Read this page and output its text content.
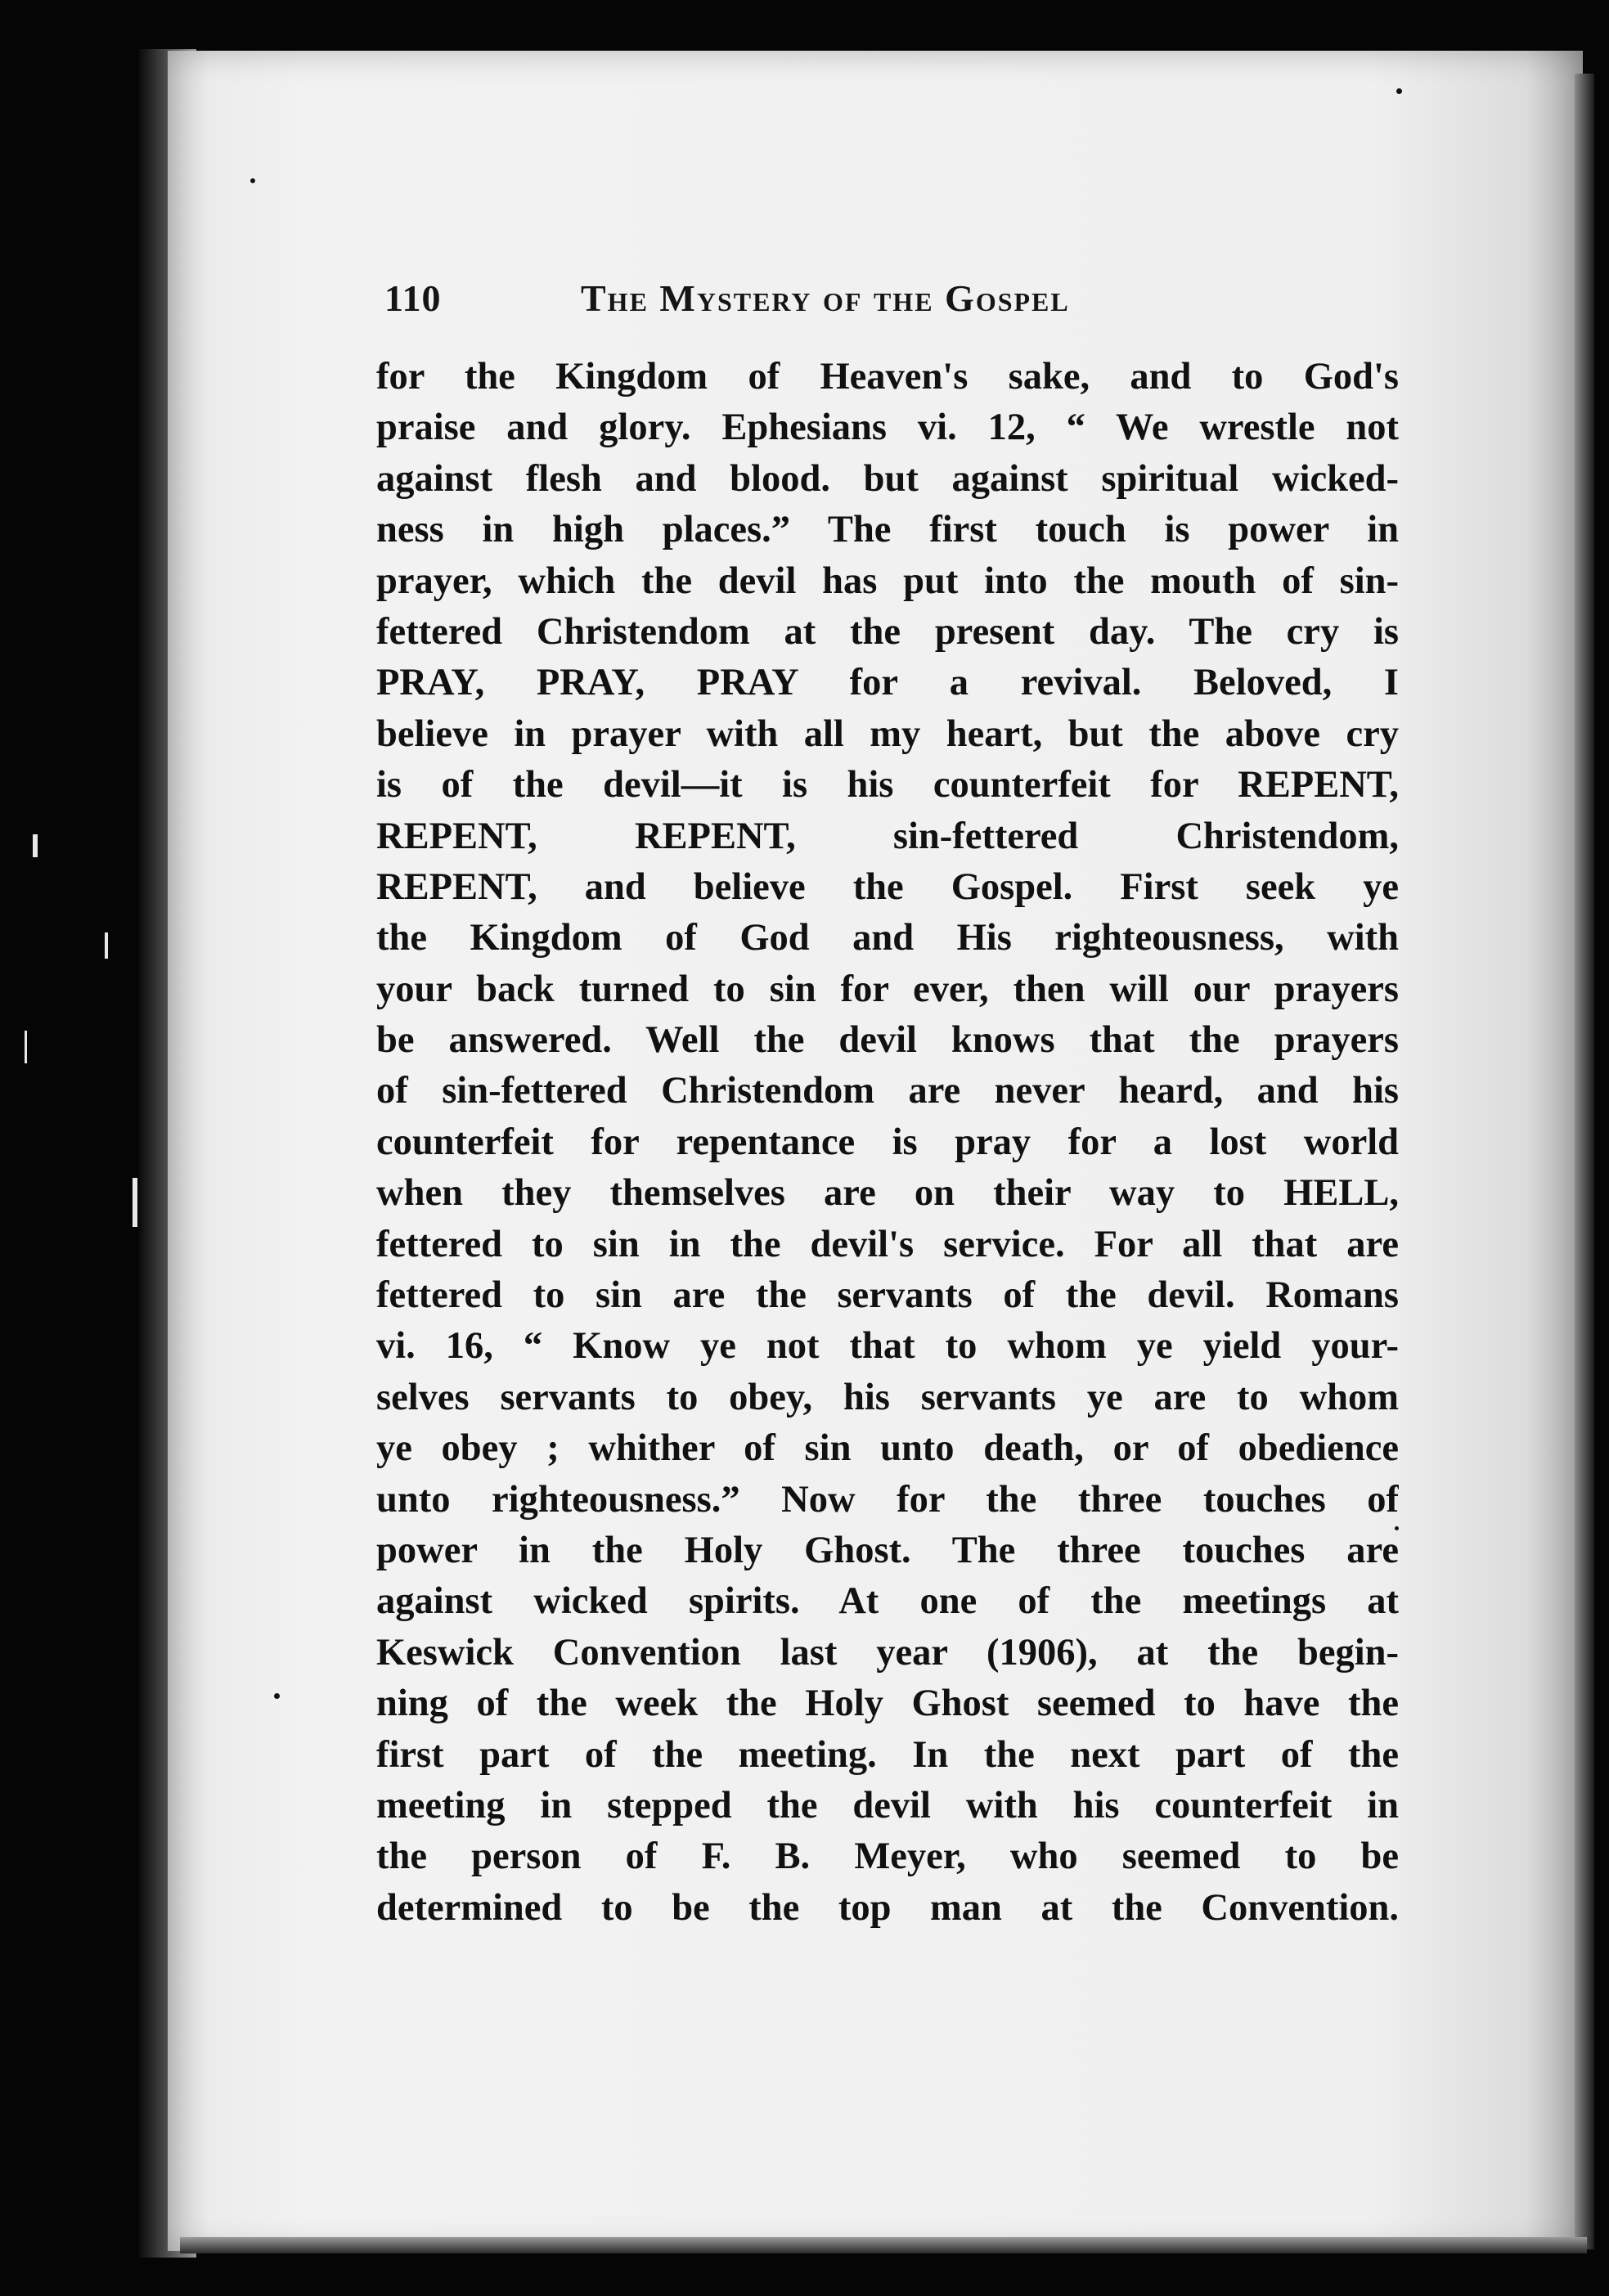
110	The Mystery of the Gospel
for the Kingdom of Heaven's sake, and to God's
praise and glory. Ephesians vi. 12, “ We wrestle not
against flesh and blood. but against spiritual wicked-
ness in high places.” The first touch is power in
prayer, which the devil has put into the mouth of sin-
fettered Christendom at the present day. The cry is
PRAY, PRAY, PRAY for a revival. Beloved, I
believe in prayer with all my heart, but the above cry
is of the devil—it is his counterfeit for REPENT,
REPENT, REPENT, sin-fettered Christendom,
REPENT, and believe the Gospel. First seek ye
the Kingdom of God and His righteousness, with
your back turned to sin for ever, then will our prayers
be answered. Well the devil knows that the prayers
of sin-fettered Christendom are never heard, and his
counterfeit for repentance is pray for a lost world
when they themselves are on their way to HELL,
fettered to sin in the devil's service. For all that are
fettered to sin are the servants of the devil. Romans
vi. 16, “ Know ye not that to whom ye yield your-
selves servants to obey, his servants ye are to whom
ye obey ; whither of sin unto death, or of obedience
unto righteousness.” Now for the three touches of
power in the Holy Ghost. The three touches are
against wicked spirits. At one of the meetings at
Keswick Convention last year (1906), at the begin-
ning of the week the Holy Ghost seemed to have the
first part of the meeting. In the next part of the
meeting in stepped the devil with his counterfeit in
the person of F. B. Meyer, who seemed to be
determined to be the top man at the Convention.
